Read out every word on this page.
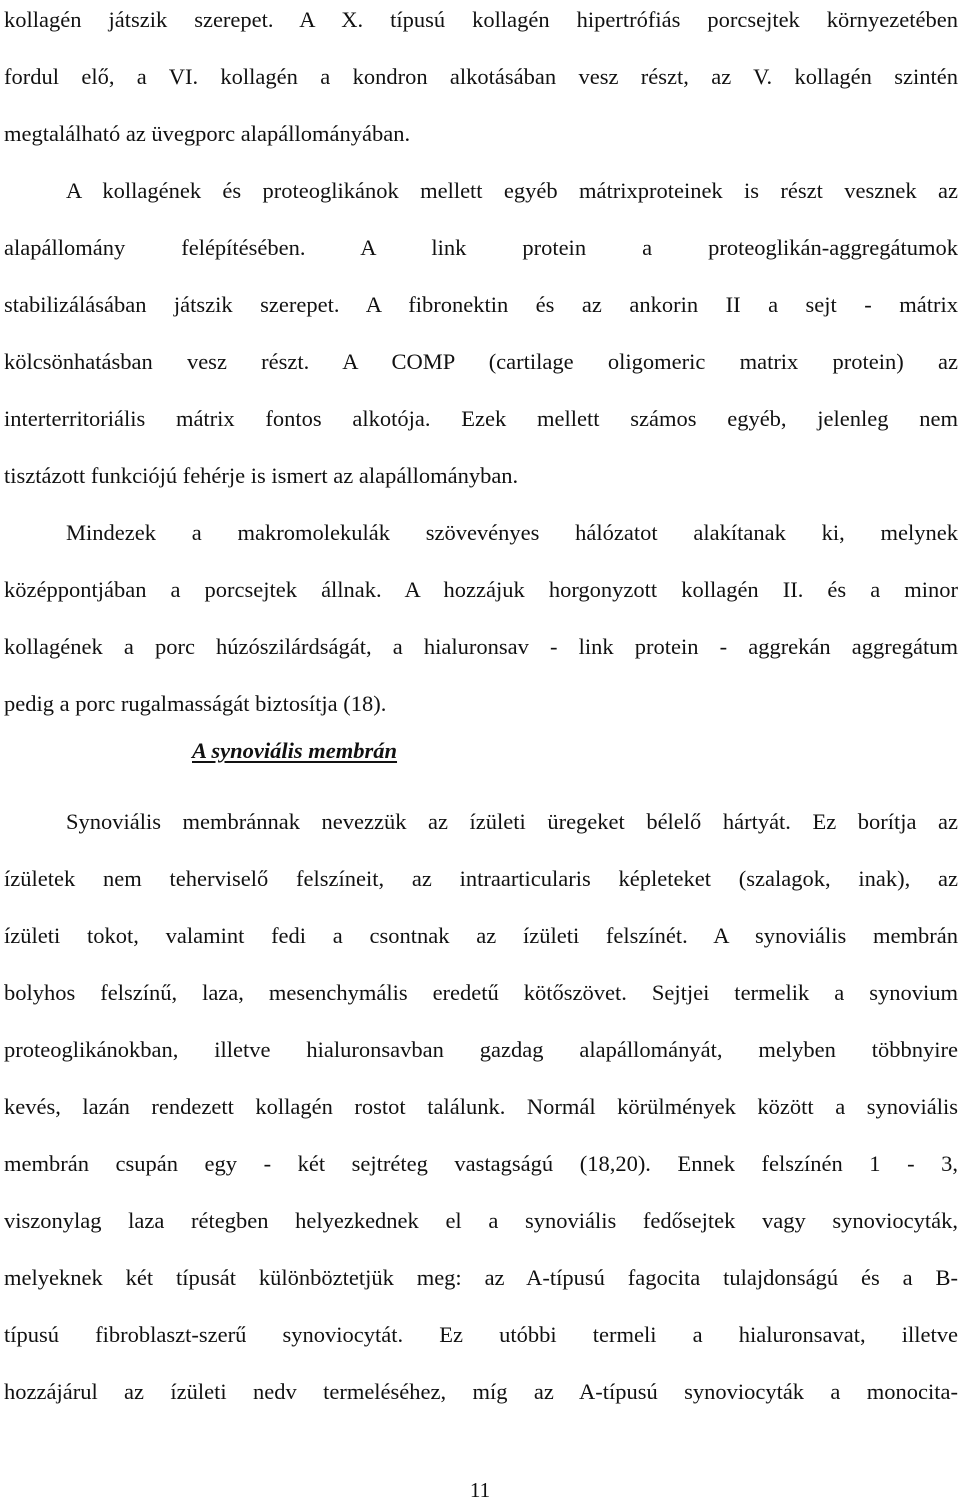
kollagén játszik szerepet. A X. típusú kollagén hipertrófiás porcsejtek környezetében
fordul elő, a VI. kollagén a kondron alkotásában vesz részt, az V. kollagén szintén
megtalálható az üvegporc alapállományában.
A kollagének és proteoglikánok mellett egyéb mátrixproteinek is részt vesznek az
alapállomány felépítésében. A link protein a proteoglikán-aggregátumok
stabilizálásában játszik szerepet. A fibronektin és az ankorin II a sejt - mátrix
kölcsönhatásban vesz részt. A COMP (cartilage oligomeric matrix protein) az
interterritoriális mátrix fontos alkotója. Ezek mellett számos egyéb, jelenleg nem
tisztázott funkciójú fehérje is ismert az alapállományban.
Mindezek a makromolekulák szövevényes hálózatot alakítanak ki, melynek
középpontjában a porcsejtek állnak. A hozzájuk horgonyzott kollagén II. és a minor
kollagének a porc húzószilárdságát, a hialuronsav - link protein - aggrekán aggregátum
pedig a porc rugalmasságát biztosítja (18).
A synoviális membrán
Synoviális membránnak nevezzük az ízületi üregeket bélelő hártyát. Ez borítja az
ízületek nem teherviselő felszíneit, az intraarticularis képleteket (szalagok, inak), az
ízületi tokot, valamint fedi a csontnak az ízületi felszínét. A synoviális membrán
bolyhos felszínű, laza, mesenchymális eredetű kötőszövet. Sejtjei termelik a synovium
proteoglikánokban, illetve hialuronsavban gazdag alapállományát, melyben többnyire
kevés, lazán rendezett kollagén rostot találunk. Normál körülmények között a synoviális
membrán csupán egy - két sejtréteg vastagságú (18,20). Ennek felszínén 1 - 3,
viszonylag laza rétegben helyezkednek el a synoviális fedősejtek vagy synoviocyták,
melyeknek két típusát különböztetjük meg: az A-típusú fagocita tulajdonságú és a B-
típusú fibroblaszt-szerű synoviocytát. Ez utóbbi termeli a hialuronsavat, illetve
hozzájárul az ízületi nedv termeléséhez, míg az A-típusú synoviocyták a monocita-
11
